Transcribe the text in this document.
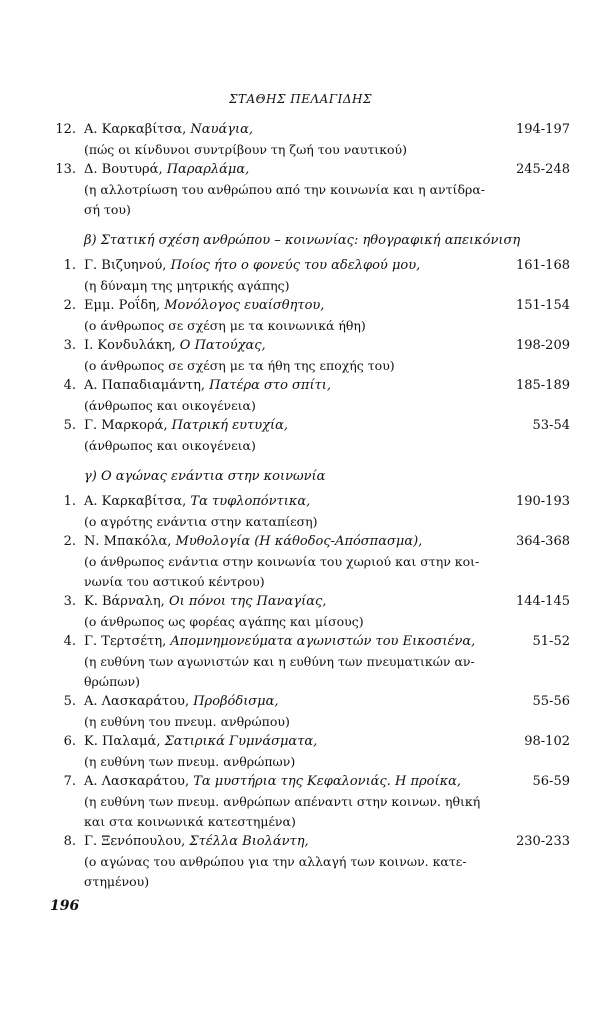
ΣΤΑΘΗΣ ΠΕΛΑΓΙΔΗΣ
12. Α. Καρκαβίτσα, Ναυάγια,	194-197
(πώς οι κίνδυνοι συντρίβουν τη ζωή του ναυτικού)
13. Δ. Βουτυρά, Παραρλάμα,	245-248
(η αλλοτρίωση του ανθρώπου από την κοινωνία και η αντίδρα-
σή του)
β) Στατική σχέση ανθρώπου – κοινωνίας: ηθογραφική απεικόνιση
1. Γ. Βιζυηνού, Ποίος ήτο ο φονεύς του αδελφού μου,	161-168
(η δύναμη της μητρικής αγάπης)
2. Εμμ. Ροΐδη, Μονόλογος ευαίσθητου,	151-154
(ο άνθρωπος σε σχέση με τα κοινωνικά ήθη)
3. Ι. Κονδυλάκη, Ο Πατούχας,	198-209
(ο άνθρωπος σε σχέση με τα ήθη της εποχής του)
4. Α. Παπαδιαμάντη, Πατέρα στο σπίτι,	185-189
(άνθρωπος και οικογένεια)
5. Γ. Μαρκορά, Πατρική ευτυχία,	53-54
(άνθρωπος και οικογένεια)
γ) Ο αγώνας ενάντια στην κοινωνία
1. Α. Καρκαβίτσα, Τα τυφλοπόντικα,	190-193
(ο αγρότης ενάντια στην καταπίεση)
2. Ν. Μπακόλα, Μυθολογία (Η κάθοδος-Απόσπασμα),	364-368
(ο άνθρωπος ενάντια στην κοινωνία του χωριού και στην κοι-
νωνία του αστικού κέντρου)
3. Κ. Βάρναλη, Οι πόνοι της Παναγίας,	144-145
(ο άνθρωπος ως φορέας αγάπης και μίσους)
4. Γ. Τερτσέτη, Απομνημονεύματα αγωνιστών του Εικοσιένα,	51-52
(η ευθύνη των αγωνιστών και η ευθύνη των πνευματικών αν-
θρώπων)
5. Α. Λασκαράτου, Προβόδισμα,	55-56
(η ευθύνη του πνευμ. ανθρώπου)
6. Κ. Παλαμά, Σατιρικά Γυμνάσματα,	98-102
(η ευθύνη των πνευμ. ανθρώπων)
7. Α. Λασκαράτου, Τα μυστήρια της Κεφαλονιάς. Η προίκα,	56-59
(η ευθύνη των πνευμ. ανθρώπων απέναντι στην κοινων. ηθική
και στα κοινωνικά κατεστημένα)
8. Γ. Ξενόπουλου, Στέλλα Βιολάντη,	230-233
(ο αγώνας του ανθρώπου για την αλλαγή των κοινων. κατε-
στημένου)
196
